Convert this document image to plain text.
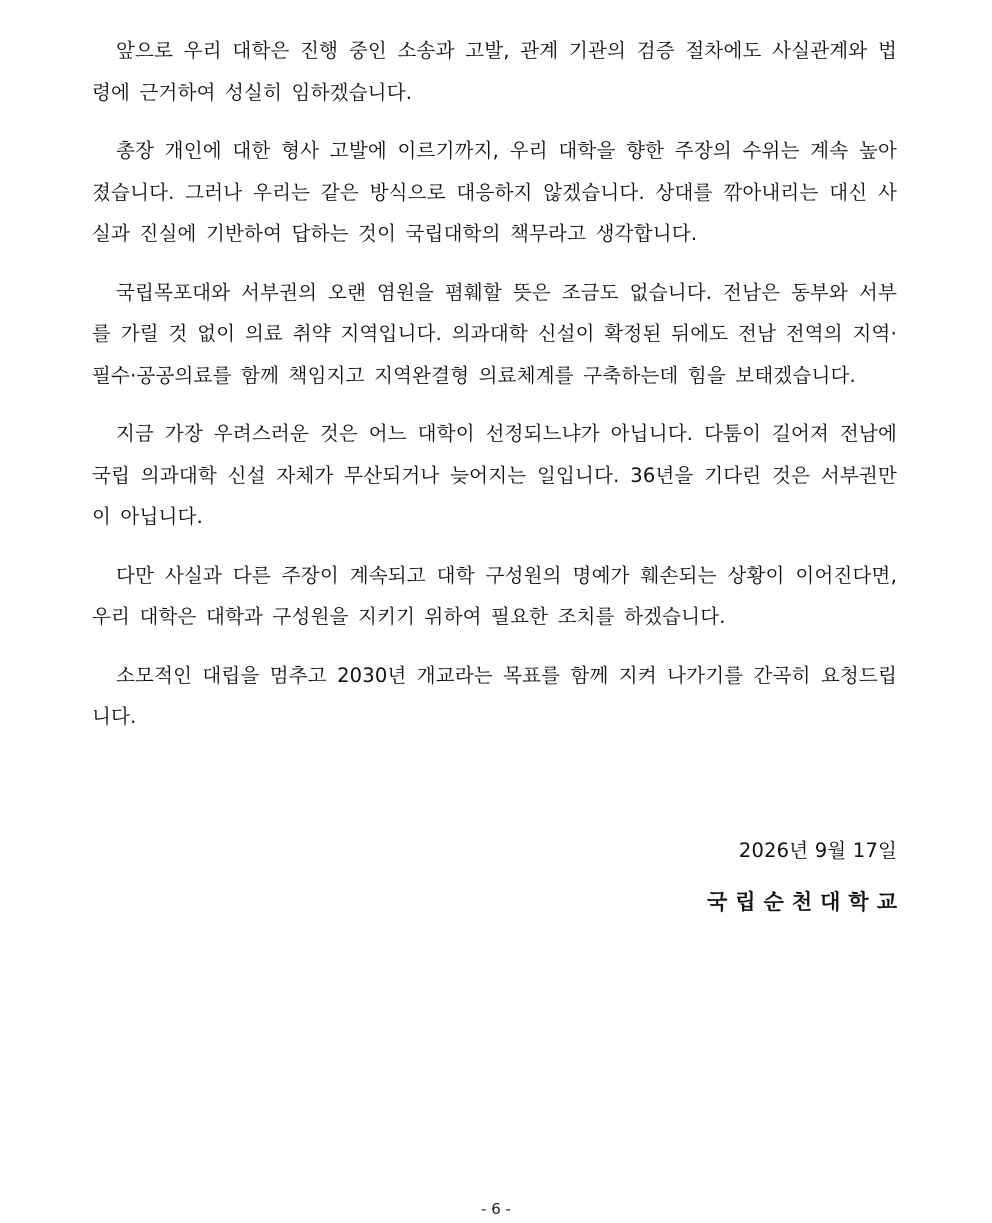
앞으로 우리 대학은 진행 중인 소송과 고발, 관계 기관의 검증 절차에도 사실관계와 법령에 근거하여 성실히 임하겠습니다.

총장 개인에 대한 형사 고발에 이르기까지, 우리 대학을 향한 주장의 수위는 계속 높아졌습니다. 그러나 우리는 같은 방식으로 대응하지 않겠습니다. 상대를 깎아내리는 대신 사실과 진실에 기반하여 답하는 것이 국립대학의 책무라고 생각합니다.

국립목포대와 서부권의 오랜 염원을 폄훼할 뜻은 조금도 없습니다. 전남은 동부와 서부를 가릴 것 없이 의료 취약 지역입니다. 의과대학 신설이 확정된 뒤에도 전남 전역의 지역·필수·공공의료를 함께 책임지고 지역완결형 의료체계를 구축하는데 힘을 보태겠습니다.

지금 가장 우려스러운 것은 어느 대학이 선정되느냐가 아닙니다. 다툼이 길어져 전남에 국립 의과대학 신설 자체가 무산되거나 늦어지는 일입니다. 36년을 기다린 것은 서부권만이 아닙니다.

다만 사실과 다른 주장이 계속되고 대학 구성원의 명예가 훼손되는 상황이 이어진다면, 우리 대학은 대학과 구성원을 지키기 위하여 필요한 조치를 하겠습니다.

소모적인 대립을 멈추고 2030년 개교라는 목표를 함께 지켜 나가기를 간곡히 요청드립니다.

2026년 9월 17일
국립순천대학교
- 6 -
